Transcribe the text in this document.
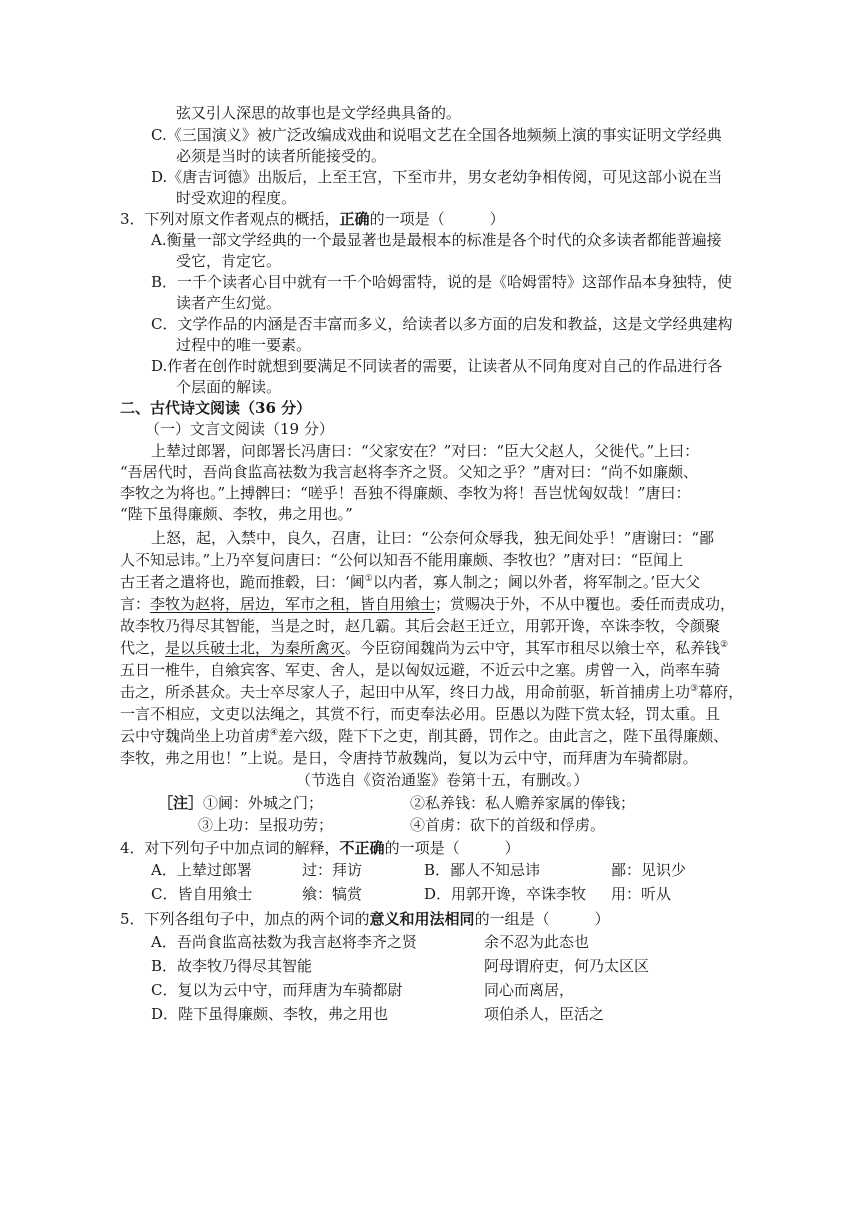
弦又引人深思的故事也是文学经典具备的。
C.《三国演义》被广泛改编成戏曲和说唱文艺在全国各地频频上演的事实证明文学经典
必须是当时的读者所能接受的。
D.《唐吉诃德》出版后，上至王宫，下至市井，男女老幼争相传阅，可见这部小说在当
时受欢迎的程度。
3．下列对原文作者观点的概括，正确的一项是（　　　）
A.衡量一部文学经典的一个最显著也是最根本的标准是各个时代的众多读者都能普遍接
受它，肯定它。
B．一千个读者心目中就有一千个哈姆雷特，说的是《哈姆雷特》这部作品本身独特，使
读者产生幻觉。
C．文学作品的内涵是否丰富而多义，给读者以多方面的启发和教益，这是文学经典建构
过程中的唯一要素。
D.作者在创作时就想到要满足不同读者的需要，让读者从不同角度对自己的作品进行各
个层面的解读。
二、古代诗文阅读（36 分）
（一）文言文阅读（19 分）
上辇过郎署，问郎署长冯唐曰：“父家安在？”对曰：“臣大父赵人，父徙代。”上曰：
“吾居代时，吾尚食监高祛数为我言赵将李齐之贤。父知之乎？”唐对曰：“尚不如廉颇、
李牧之为将也。”上搏髀曰：“嗟乎！吾独不得廉颇、李牧为将！吾岂忧匈奴哉！”唐曰：
“陛下虽得廉颇、李牧，弗之用也。”
上怒，起，入禁中，良久，召唐，让曰：“公奈何众辱我，独无间处乎！”唐谢曰：“鄙
人不知忌讳。”上乃卒复问唐曰：“公何以知吾不能用廉颇、李牧也？”唐对曰：“臣闻上
古王者之遣将也，跪而推毂，曰：‘阃①以内者，寡人制之；阃以外者，将军制之。’臣大父
言：李牧为赵将，居边，军市之租，皆自用飨士；赏赐决于外，不从中覆也。委任而责成功，
故李牧乃得尽其智能，当是之时，赵几霸。其后会赵王迁立，用郭开谗，卒诛李牧，令颜聚
代之，是以兵破士北，为秦所禽灭。今臣窃闻魏尚为云中守，其军市租尽以飨士卒，私养钱②
五日一椎牛，自飨宾客、军吏、舍人，是以匈奴远避，不近云中之塞。虏曾一入，尚率车骑
击之，所杀甚众。夫士卒尽家人子，起田中从军，终日力战，用命前驱，斩首捕虏上功③幕府，
一言不相应，文吏以法绳之，其赏不行，而吏奉法必用。臣愚以为陛下赏太轻，罚太重。且
云中守魏尚坐上功首虏④差六级，陛下下之吏，削其爵，罚作之。由此言之，陛下虽得廉颇、
李牧，弗之用也！”上说。是日，令唐持节赦魏尚，复以为云中守，而拜唐为车骑都尉。
（节选自《资治通鉴》卷第十五，有删改。）
［注］①阃：外城之门；	②私养钱：私人赡养家属的俸钱；
③上功：呈报功劳；	④首虏：砍下的首级和俘虏。
4．对下列句子中加点词的解释，不正确的一项是（　　　）
A．上辇过郎署	过：拜访	B．鄙人不知忌讳	鄙：见识少
C．皆自用飨士	飨：犒赏	D．用郭开谗，卒诛李牧 用：听从
5．下列各组句子中，加点的两个词的意义和用法相同的一组是（　　　）
A．吾尚食监高祛数为我言赵将李齐之贤	余不忍为此态也
B．故李牧乃得尽其智能	阿母谓府吏，何乃太区区
C．复以为云中守，而拜唐为车骑都尉	同心而离居，
D．陛下虽得廉颇、李牧，弗之用也	项伯杀人，臣活之
